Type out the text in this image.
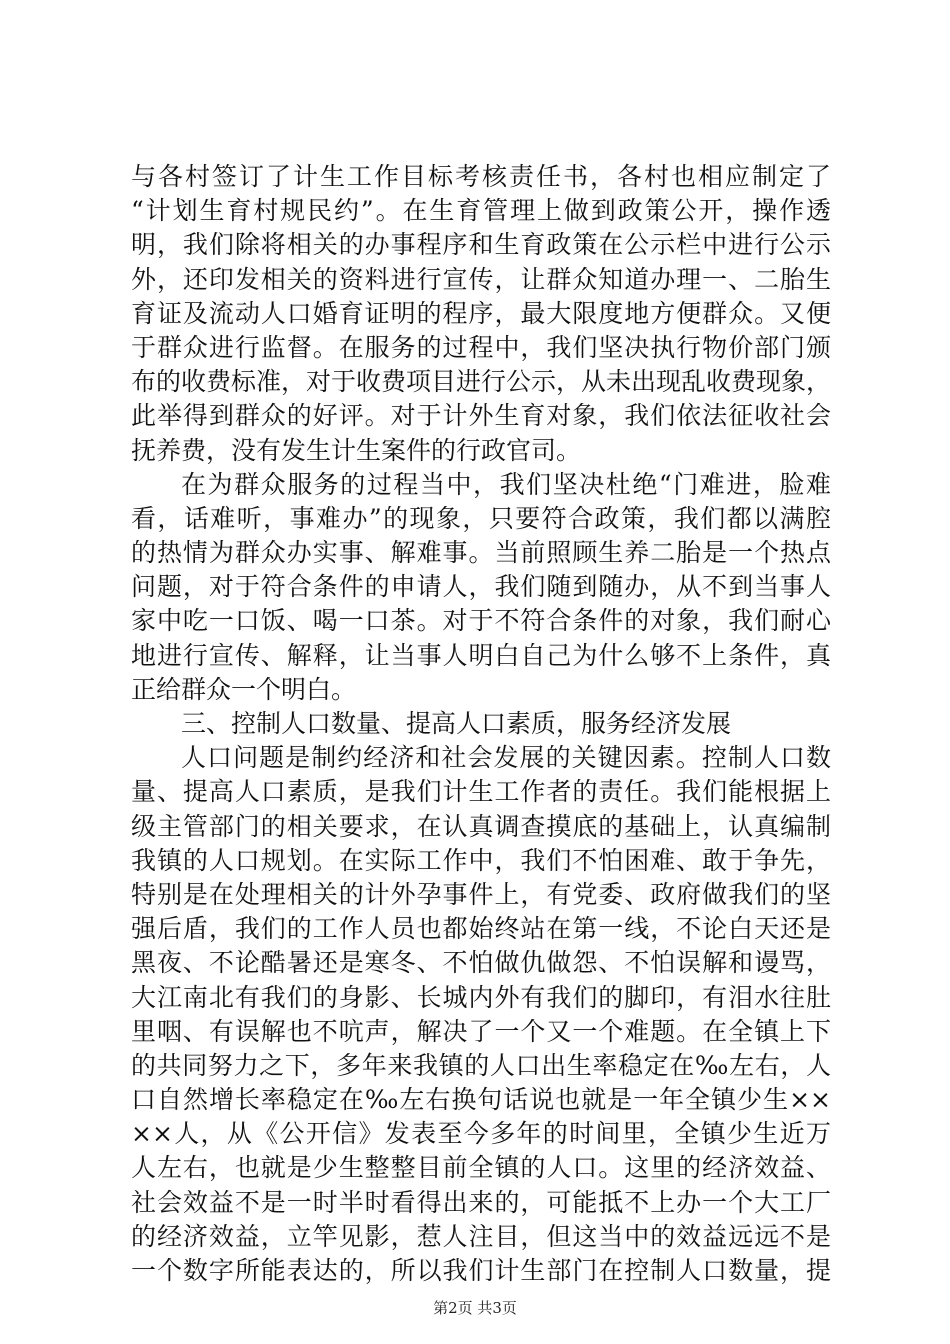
与各村签订了计生工作目标考核责任书，各村也相应制定了
“计划生育村规民约”。在生育管理上做到政策公开，操作透
明，我们除将相关的办事程序和生育政策在公示栏中进行公示
外，还印发相关的资料进行宣传，让群众知道办理一、二胎生
育证及流动人口婚育证明的程序，最大限度地方便群众。又便
于群众进行监督。在服务的过程中，我们坚决执行物价部门颁
布的收费标准，对于收费项目进行公示，从未出现乱收费现象，
此举得到群众的好评。对于计外生育对象，我们依法征收社会
抚养费，没有发生计生案件的行政官司。
在为群众服务的过程当中，我们坚决杜绝“门难进，脸难
看，话难听，事难办”的现象，只要符合政策，我们都以满腔
的热情为群众办实事、解难事。当前照顾生养二胎是一个热点
问题，对于符合条件的申请人，我们随到随办，从不到当事人
家中吃一口饭、喝一口茶。对于不符合条件的对象，我们耐心
地进行宣传、解释，让当事人明白自己为什么够不上条件，真
正给群众一个明白。
三、控制人口数量、提高人口素质，服务经济发展
人口问题是制约经济和社会发展的关键因素。控制人口数
量、提高人口素质，是我们计生工作者的责任。我们能根据上
级主管部门的相关要求，在认真调查摸底的基础上，认真编制
我镇的人口规划。在实际工作中，我们不怕困难、敢于争先，
特别是在处理相关的计外孕事件上，有党委、政府做我们的坚
强后盾，我们的工作人员也都始终站在第一线，不论白天还是
黑夜、不论酷暑还是寒冬、不怕做仇做怨、不怕误解和谩骂，
大江南北有我们的身影、长城内外有我们的脚印，有泪水往肚
里咽、有误解也不吭声，解决了一个又一个难题。在全镇上下
的共同努力之下，多年来我镇的人口出生率稳定在‰左右，人
口自然增长率稳定在‰左右换句话说也就是一年全镇少生××
××人，从《公开信》发表至今多年的时间里，全镇少生近万
人左右，也就是少生整整目前全镇的人口。这里的经济效益、
社会效益不是一时半时看得出来的，可能抵不上办一个大工厂
的经济效益，立竿见影，惹人注目，但这当中的效益远远不是
一个数字所能表达的，所以我们计生部门在控制人口数量，提
第2页 共3页
